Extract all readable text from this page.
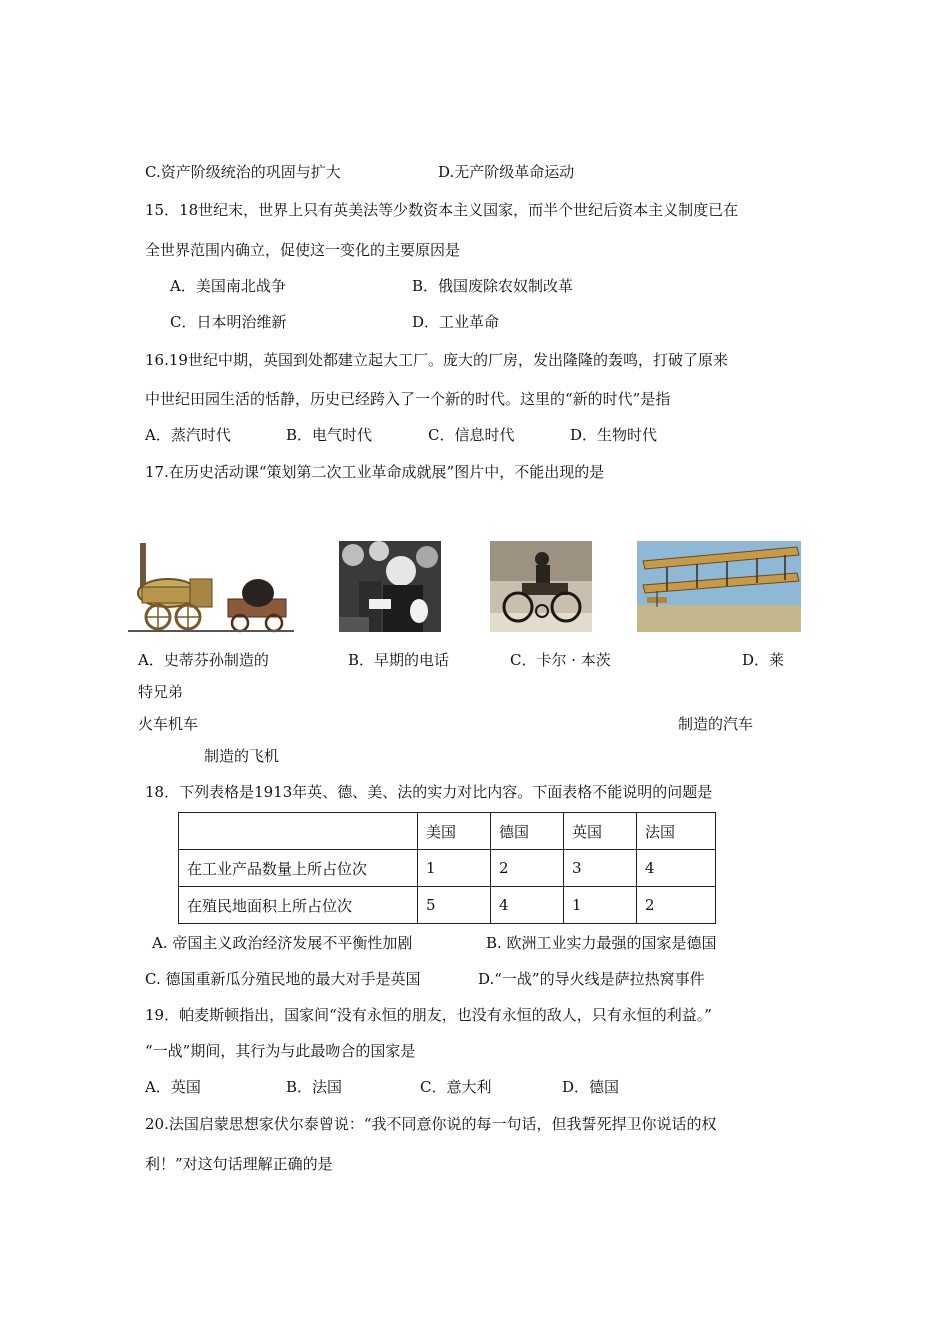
C.资产阶级统治的巩固与扩大	D.无产阶级革命运动
15．18世纪末，世界上只有英美法等少数资本主义国家，而半个世纪后资本主义制度已在
全世界范围内确立，促使这一变化的主要原因是
A．美国南北战争	B．俄国废除农奴制改革
C．日本明治维新	D．工业革命
16.19世纪中期，英国到处都建立起大工厂。庞大的厂房，发出隆隆的轰鸣，打破了原来
中世纪田园生活的恬静，历史已经跨入了一个新的时代。这里的“新的时代”是指
A．蒸汽时代	B．电气时代	C．信息时代	D．生物时代
17.在历史活动课“策划第二次工业革命成就展”图片中，不能出现的是
A．史蒂芬孙制造的	B．早期的电话	C．卡尔 · 本茨	D．莱
特兄弟
火车机车	制造的汽车
制造的飞机
18．下列表格是1913年英、德、美、法的实力对比内容。下面表格不能说明的问题是
	美国	德国	英国	法国
在工业产品数量上所占位次	1	2	3	4
在殖民地面积上所占位次	5	4	1	2
A. 帝国主义政治经济发展不平衡性加剧	B. 欧洲工业实力最强的国家是德国
C. 德国重新瓜分殖民地的最大对手是英国	D.“一战”的导火线是萨拉热窝事件
19．帕麦斯顿指出，国家间“没有永恒的朋友，也没有永恒的敌人，只有永恒的利益。”
“一战”期间，其行为与此最吻合的国家是
A．英国	B．法国	C．意大利	D．德国
20.法国启蒙思想家伏尔泰曾说：“我不同意你说的每一句话，但我誓死捍卫你说话的权
利！”对这句话理解正确的是
